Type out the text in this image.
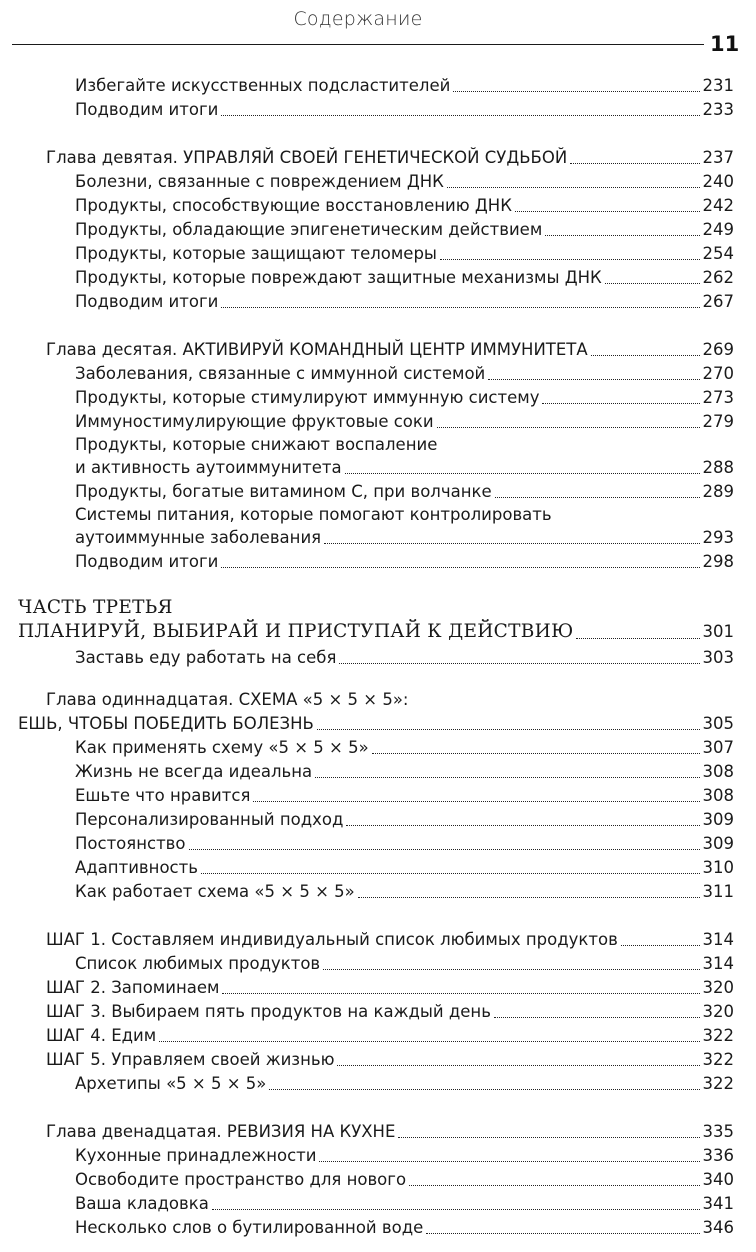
Содержание
11
Избегайте искусственных подсластителей	231
Подводим итоги	233
Глава девятая. УПРАВЛЯЙ СВОЕЙ ГЕНЕТИЧЕСКОЙ СУДЬБОЙ	237
Болезни, связанные с повреждением ДНК	240
Продукты, способствующие восстановлению ДНК	242
Продукты, обладающие эпигенетическим действием	249
Продукты, которые защищают теломеры	254
Продукты, которые повреждают защитные механизмы ДНК	262
Подводим итоги	267
Глава десятая. АКТИВИРУЙ КОМАНДНЫЙ ЦЕНТР ИММУНИТЕТА	269
Заболевания, связанные с иммунной системой	270
Продукты, которые стимулируют иммунную систему	273
Иммуностимулирующие фруктовые соки	279
Продукты, которые снижают воспаление
и активность аутоиммунитета	288
Продукты, богатые витамином C, при волчанке	289
Системы питания, которые помогают контролировать
аутоиммунные заболевания	293
Подводим итоги	298
ЧАСТЬ ТРЕТЬЯ
ПЛАНИРУЙ, ВЫБИРАЙ И ПРИСТУПАЙ К ДЕЙСТВИЮ	301
Заставь еду работать на себя	303
Глава одиннадцатая. СХЕМА «5 × 5 × 5»:
ЕШЬ, ЧТОБЫ ПОБЕДИТЬ БОЛЕЗНЬ	305
Как применять схему «5 × 5 × 5»	307
Жизнь не всегда идеальна	308
Ешьте что нравится	308
Персонализированный подход	309
Постоянство	309
Адаптивность	310
Как работает схема «5 × 5 × 5»	311
ШАГ 1. Составляем индивидуальный список любимых продуктов	314
Список любимых продуктов	314
ШАГ 2. Запоминаем	320
ШАГ 3. Выбираем пять продуктов на каждый день	320
ШАГ 4. Едим	322
ШАГ 5. Управляем своей жизнью	322
Архетипы «5 × 5 × 5»	322
Глава двенадцатая. РЕВИЗИЯ НА КУХНЕ	335
Кухонные принадлежности	336
Освободите пространство для нового	340
Ваша кладовка	341
Несколько слов о бутилированной воде	346
